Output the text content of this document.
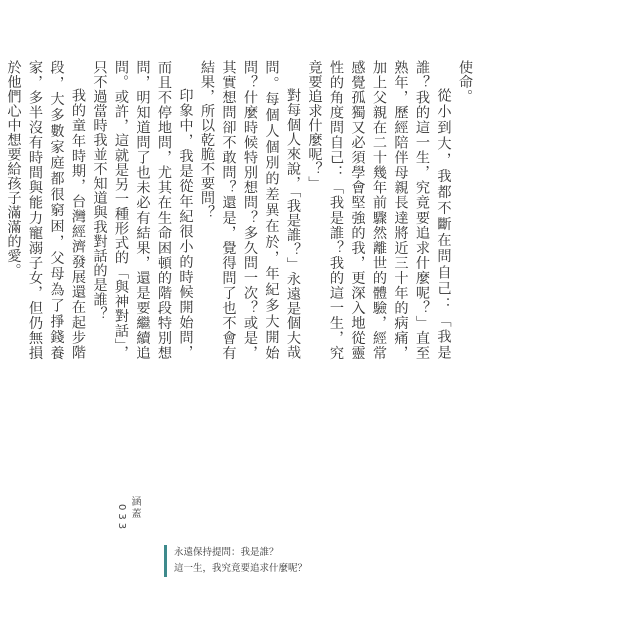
使命。

從小到大，我都不斷在問自己：「我是誰？我的這一生，究竟要追求什麼呢？」直至熟年，歷經陪伴母親長達將近三十年的病痛，加上父親在二十幾年前驟然離世的體驗，經常感覺孤獨又必須學會堅強的我，更深入地從靈性的角度問自己：「我是誰？我的這一生，究竟要追求什麼呢？」

對每個人來說，「我是誰？」永遠是個大哉問。每個人個別的差異在於，年紀多大開始問？什麼時候特別想問？多久問一次？或是，其實想問卻不敢問？還是，覺得問了也不會有結果，所以乾脆不要問？

印象中，我是從年紀很小的時候開始問，而且不停地問，尤其在生命困頓的階段特別想問，明知道問了也未必有結果，還是要繼續追問。或許，這就是另一種形式的「與神對話」，只不過當時我並不知道與我對話的是誰？

我的童年時期，台灣經濟發展還在起步階段，大多數家庭都很窮困，父母為了掙錢養家，多半沒有時間與能力寵溺子女，但仍無損於他們心中想要給孩子滿滿的愛。

涵蓋
033
永遠保持提問：我是誰？
這一生，我究竟要追求什麼呢？
